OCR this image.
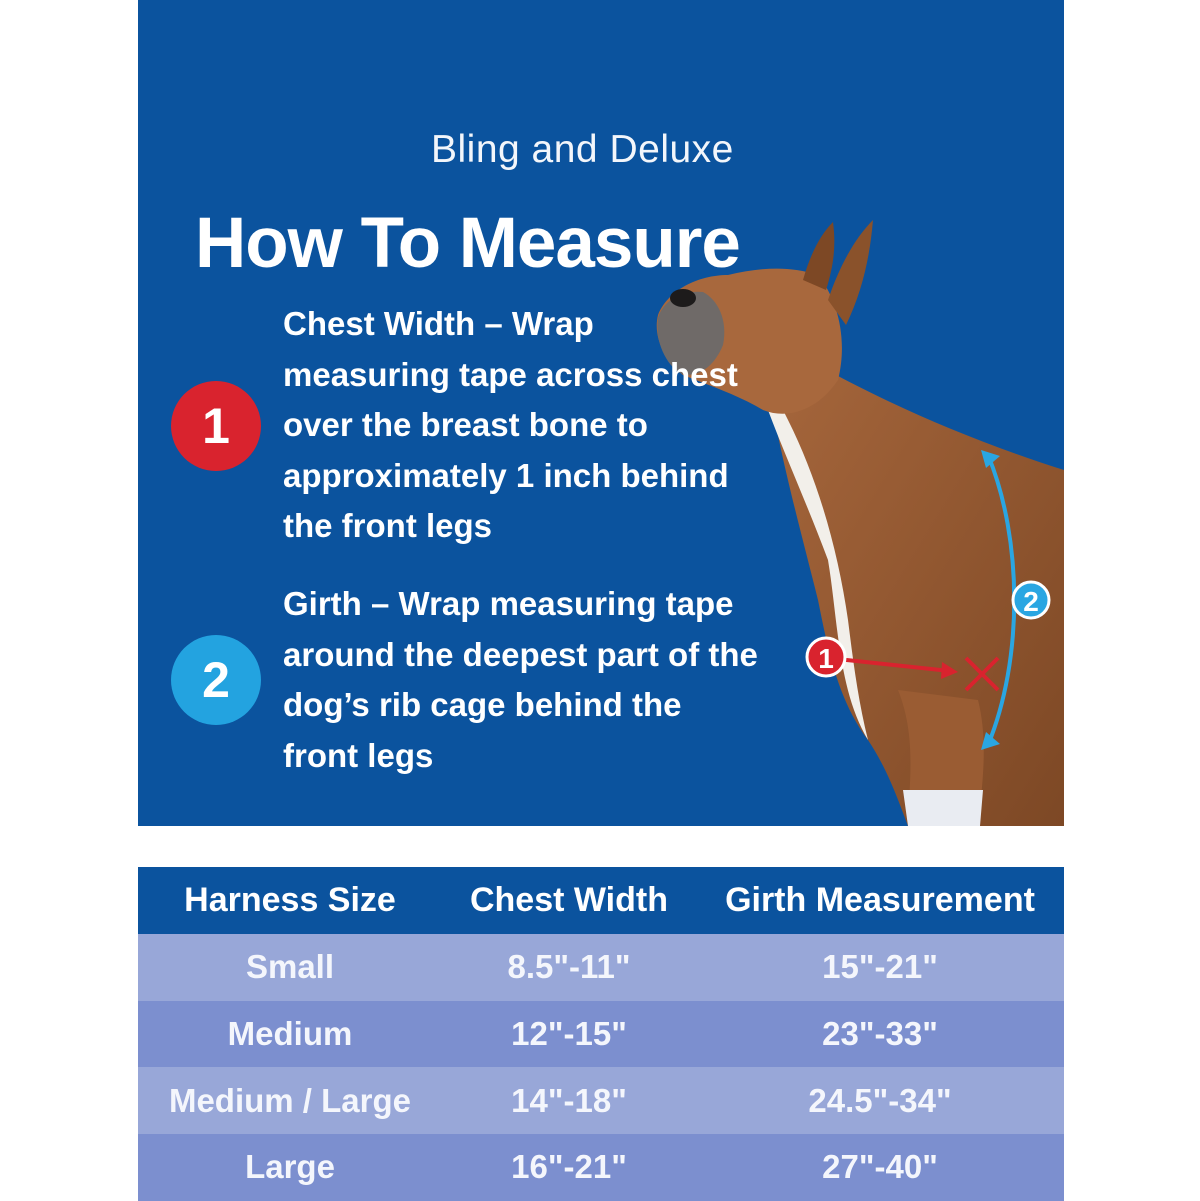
2
1
Bling and Deluxe
How To Measure
1
Chest Width – Wrap measuring tape across chest over the breast bone to approximately 1 inch behind the front legs
2
Girth – Wrap measuring tape around the deepest part of the dog’s rib cage behind the front legs
Harness Size	Chest Width	Girth Measurement
Small	8.5"-11"	15"-21"
Medium	12"-15"	23"-33"
Medium / Large	14"-18"	24.5"-34"
Large	16"-21"	27"-40"
